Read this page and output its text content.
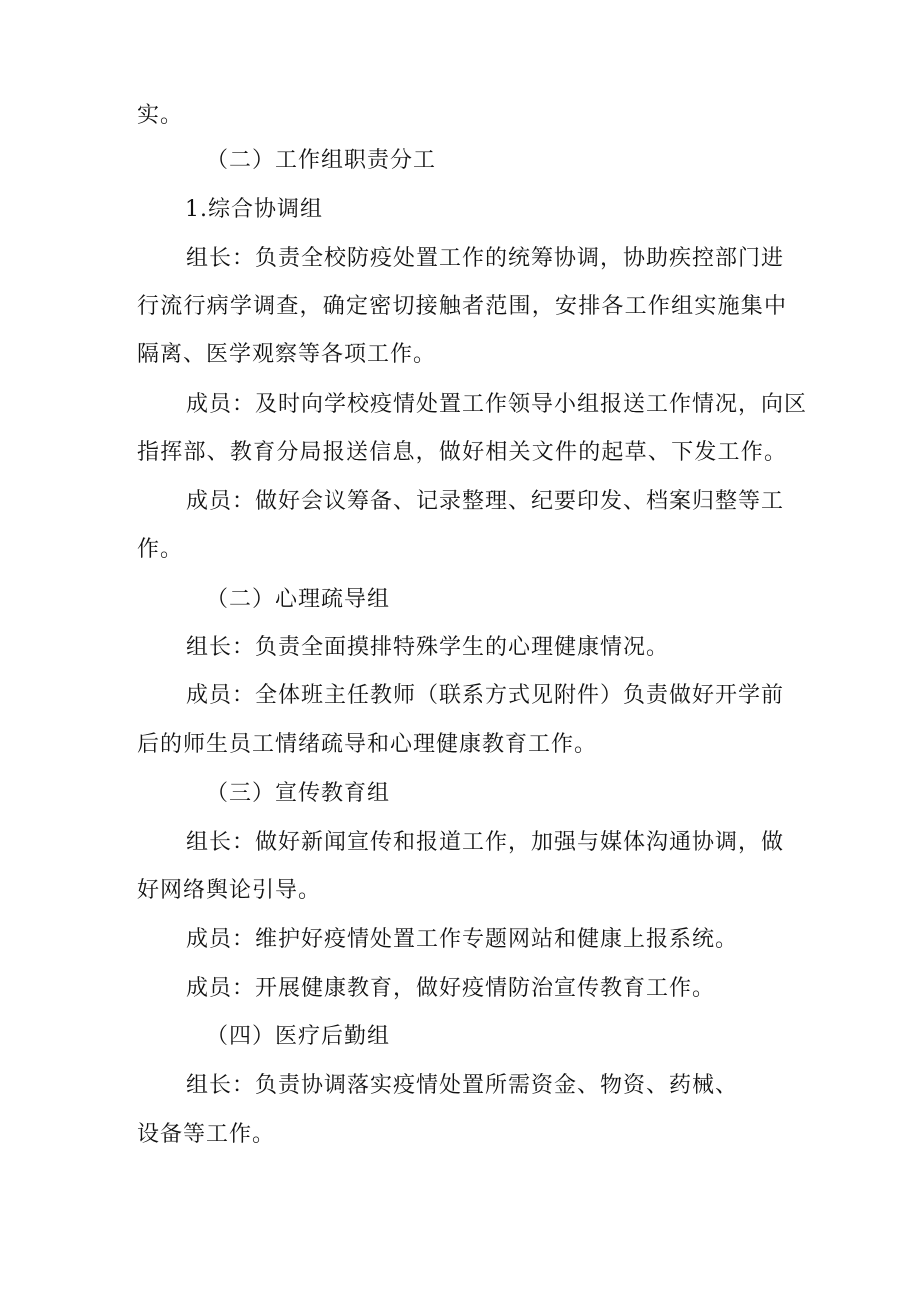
实。
（二）工作组职责分工
1.综合协调组
组长：负责全校防疫处置工作的统筹协调，协助疾控部门进
行流行病学调查，确定密切接触者范围，安排各工作组实施集中
隔离、医学观察等各项工作。
成员：及时向学校疫情处置工作领导小组报送工作情况，向区
指挥部、教育分局报送信息，做好相关文件的起草、下发工作。
成员：做好会议筹备、记录整理、纪要印发、档案归整等工
作。
（二）心理疏导组
组长：负责全面摸排特殊学生的心理健康情况。
成员：全体班主任教师（联系方式见附件）负责做好开学前
后的师生员工情绪疏导和心理健康教育工作。
（三）宣传教育组
组长：做好新闻宣传和报道工作，加强与媒体沟通协调，做
好网络舆论引导。
成员：维护好疫情处置工作专题网站和健康上报系统。
成员：开展健康教育，做好疫情防治宣传教育工作。
（四）医疗后勤组
组长：负责协调落实疫情处置所需资金、物资、药械、
设备等工作。
